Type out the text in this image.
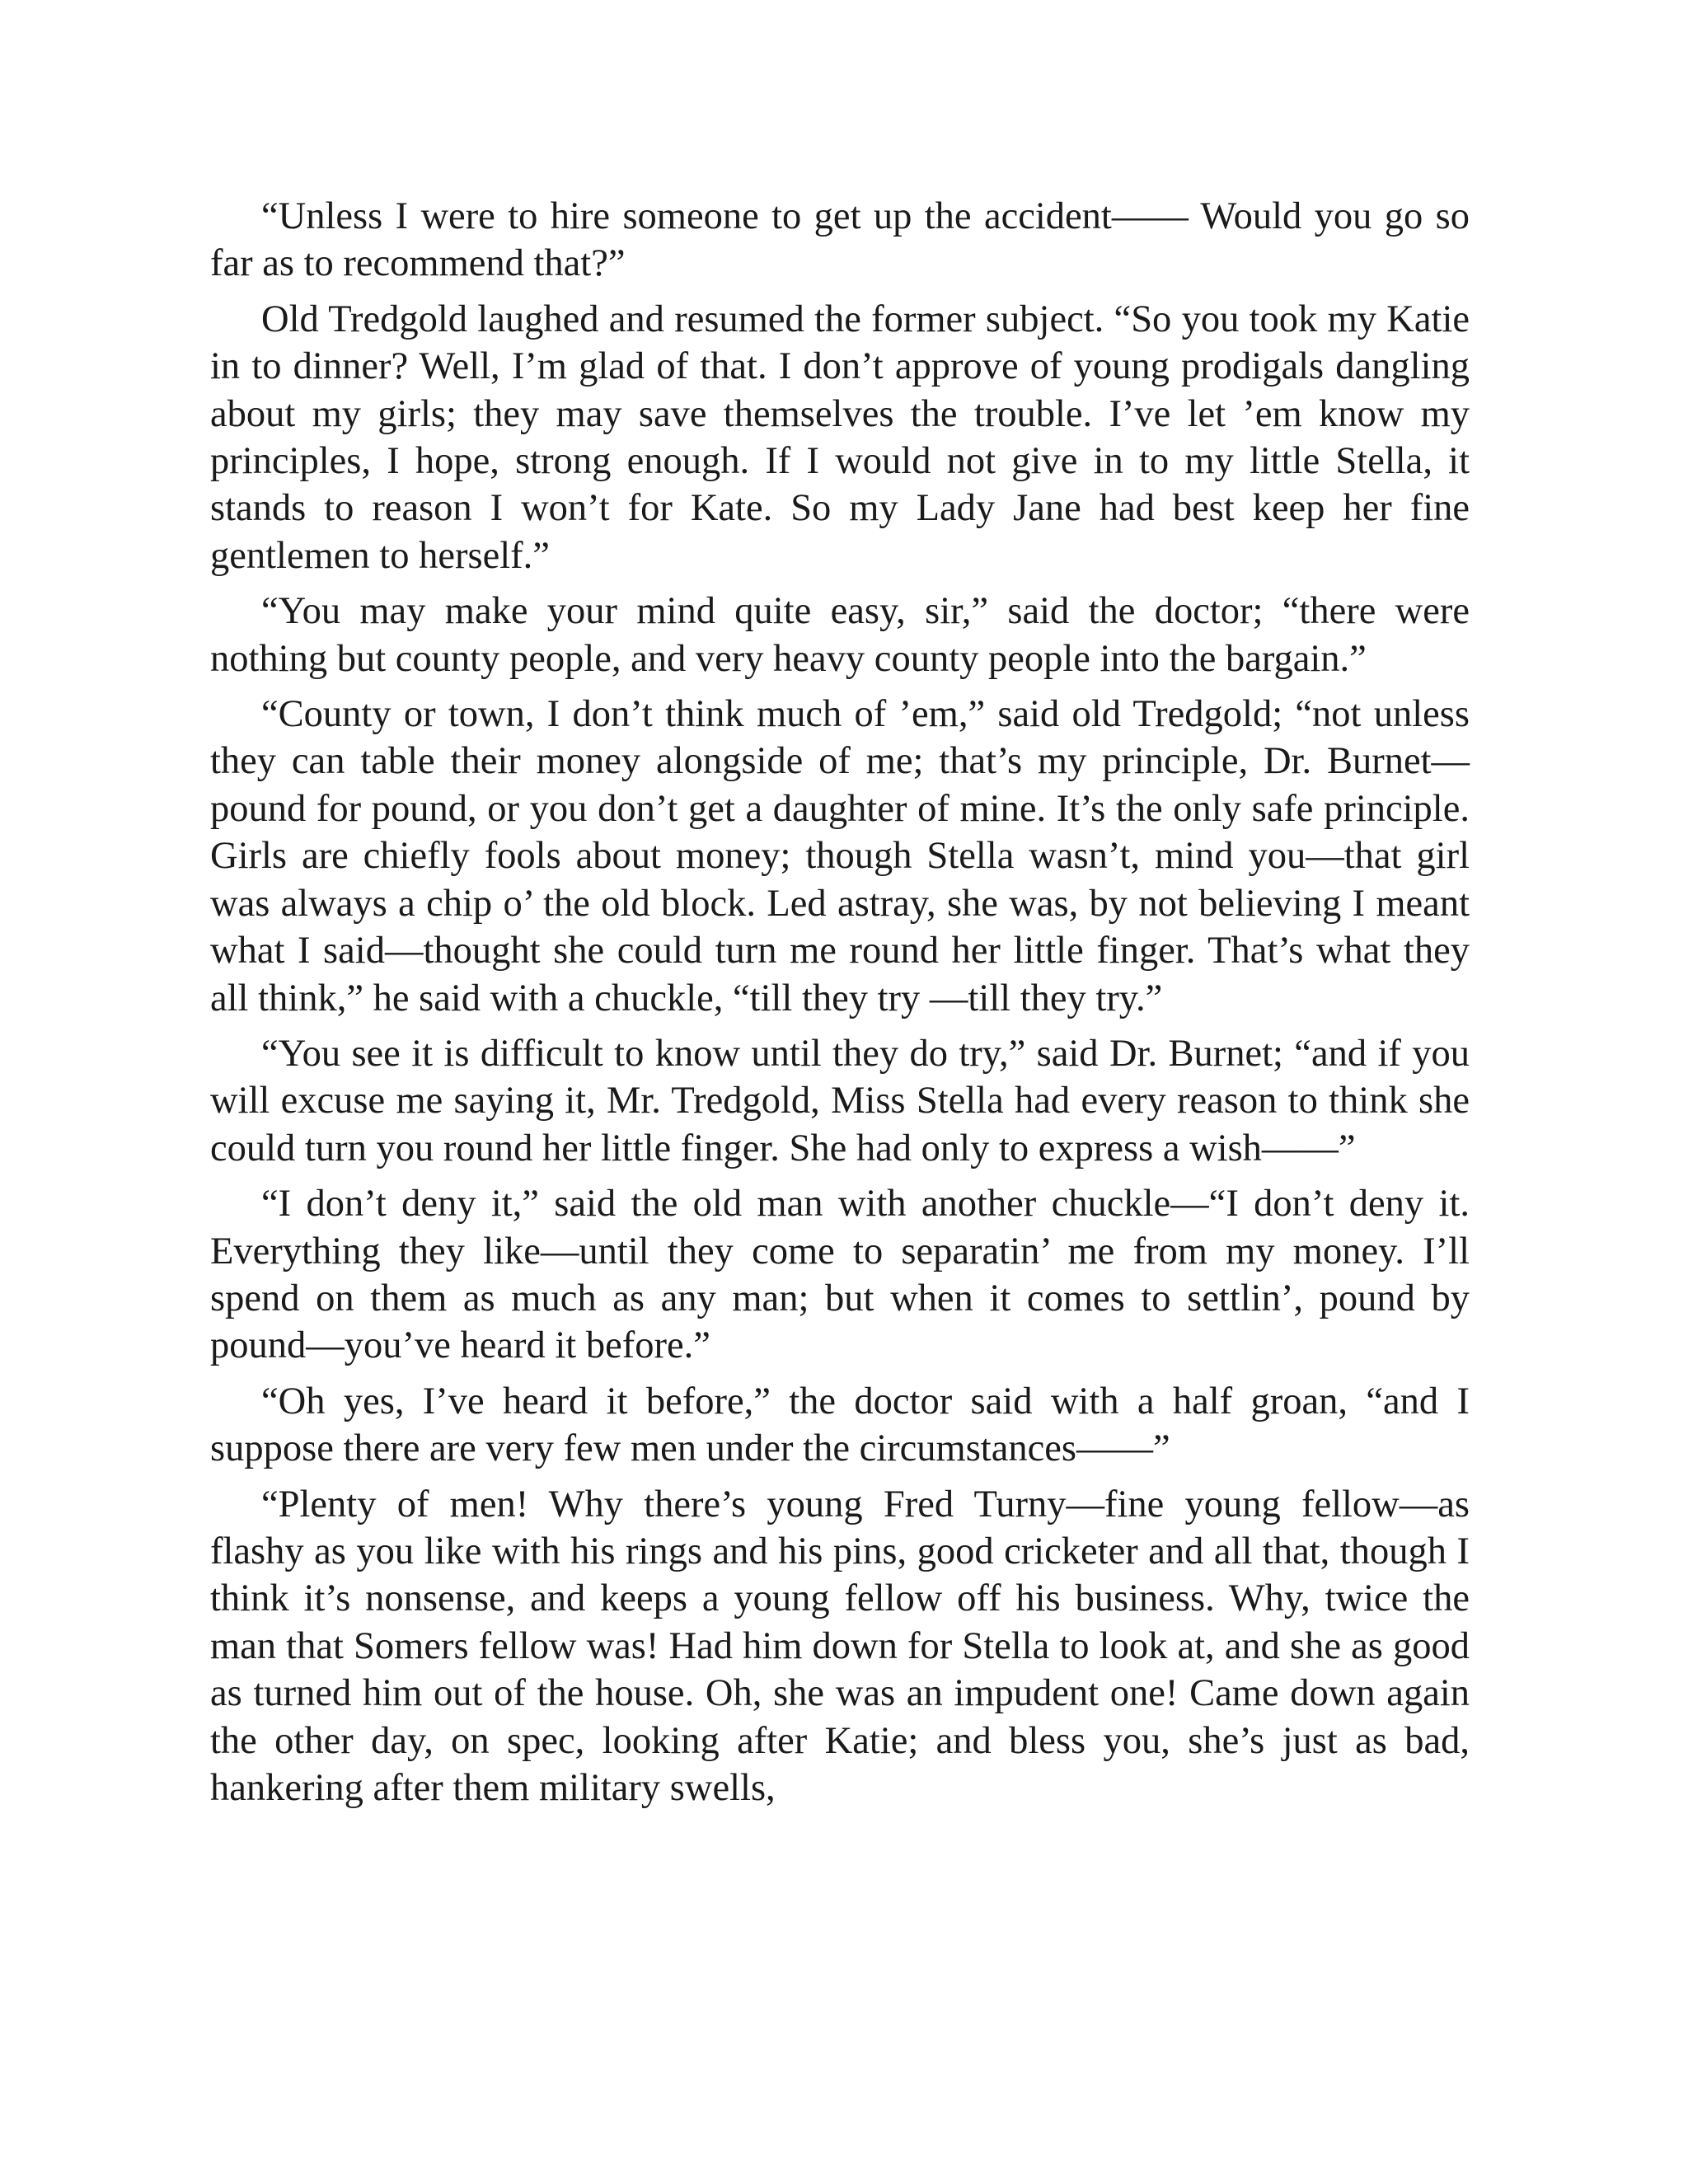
“Unless I were to hire someone to get up the accident—— Would you go so far as to recommend that?”

Old Tredgold laughed and resumed the former subject. “So you took my Katie in to dinner? Well, I’m glad of that. I don’t approve of young prodigals dangling about my girls; they may save themselves the trouble. I’ve let ’em know my principles, I hope, strong enough. If I would not give in to my little Stella, it stands to reason I won’t for Kate. So my Lady Jane had best keep her fine gentlemen to herself.”

“You may make your mind quite easy, sir,” said the doctor; “there were nothing but county people, and very heavy county people into the bargain.”

“County or town, I don’t think much of ’em,” said old Tredgold; “not unless they can table their money alongside of me; that’s my principle, Dr. Burnet—pound for pound, or you don’t get a daughter of mine. It’s the only safe principle. Girls are chiefly fools about money; though Stella wasn’t, mind you—that girl was always a chip o’ the old block. Led astray, she was, by not believing I meant what I said—thought she could turn me round her little finger. That’s what they all think,” he said with a chuckle, “till they try —till they try.”

“You see it is difficult to know until they do try,” said Dr. Burnet; “and if you will excuse me saying it, Mr. Tredgold, Miss Stella had every reason to think she could turn you round her little finger. She had only to express a wish——”

“I don’t deny it,” said the old man with another chuckle—“I don’t deny it. Everything they like—until they come to separatin’ me from my money. I’ll spend on them as much as any man; but when it comes to settlin’, pound by pound—you’ve heard it before.”

“Oh yes, I’ve heard it before,” the doctor said with a half groan, “and I suppose there are very few men under the circumstances——”

“Plenty of men! Why there’s young Fred Turny—fine young fellow—as flashy as you like with his rings and his pins, good cricketer and all that, though I think it’s nonsense, and keeps a young fellow off his business. Why, twice the man that Somers fellow was! Had him down for Stella to look at, and she as good as turned him out of the house. Oh, she was an impudent one! Came down again the other day, on spec, looking after Katie; and bless you, she’s just as bad, hankering after them military swells,
